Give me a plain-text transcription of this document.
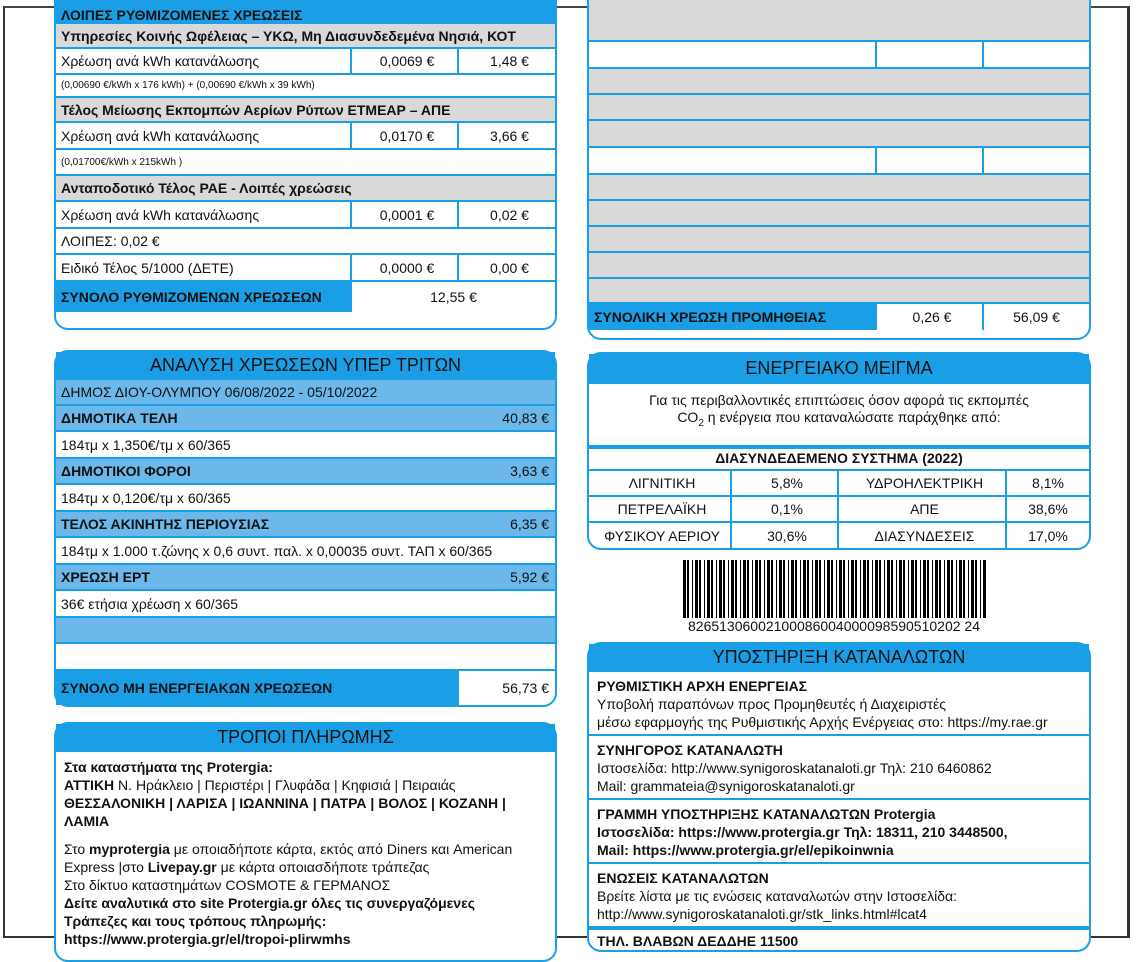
ΛΟΙΠΕΣ ΡΥΘΜΙΖΟΜΕΝΕΣ ΧΡΕΩΣΕΙΣ
Υπηρεσίες Κοινής Ωφέλειας – ΥΚΩ, Μη Διασυνδεδεμένα Νησιά, ΚΟΤ
Χρέωση ανά kWh κατανάλωσης	0,0069 €	1,48 €
(0,00690 €/kWh x 176 kWh) + (0,00690 €/kWh x 39 kWh)
Τέλος Μείωσης Εκπομπών Αερίων Ρύπων ΕΤΜΕΑΡ – ΑΠΕ
Χρέωση ανά kWh κατανάλωσης	0,0170 €	3,66 €
(0,01700€/kWh x 215kWh )
Ανταποδοτικό Τέλος ΡΑΕ - Λοιπές χρεώσεις
Χρέωση ανά kWh κατανάλωσης	0,0001 €	0,02 €
ΛΟΙΠΕΣ: 0,02 €
Ειδικό Τέλος 5/1000 (ΔΕΤΕ)	0,0000 €	0,00 €
ΣΥΝΟΛΟ ΡΥΘΜΙΖΟΜΕΝΩΝ ΧΡΕΩΣΕΩΝ	12,55 €
ΣΥΝΟΛΙΚΗ ΧΡΕΩΣΗ ΠΡΟΜΗΘΕΙΑΣ	0,26 €	56,09 €
ΑΝΑΛΥΣΗ ΧΡΕΩΣΕΩΝ ΥΠΕΡ ΤΡΙΤΩΝ
ΔΗΜΟΣ ΔΙΟΥ-ΟΛΥΜΠΟΥ 06/08/2022 - 05/10/2022
ΔΗΜΟΤΙΚΑ ΤΕΛΗ	40,83 €
184τμ x 1,350€/τμ x 60/365
ΔΗΜΟΤΙΚΟΙ ΦΟΡΟΙ	3,63 €
184τμ x 0,120€/τμ x 60/365
ΤΕΛΟΣ ΑΚΙΝΗΤΗΣ ΠΕΡΙΟΥΣΙΑΣ	6,35 €
184τμ x 1.000 τ.ζώνης x 0,6 συντ. παλ. x 0,00035 συντ. ΤΑΠ x 60/365
ΧΡΕΩΣΗ ΕΡΤ	5,92 €
36€ ετήσια χρέωση x 60/365
ΣΥΝΟΛΟ ΜΗ ΕΝΕΡΓΕΙΑΚΩΝ ΧΡΕΩΣΕΩΝ	56,73 €
ΤΡΟΠΟΙ ΠΛΗΡΩΜΗΣ
Στα καταστήματα της Protergia:
ΑΤΤΙΚΗ Ν. Ηράκλειο | Περιστέρι | Γλυφάδα | Κηφισιά | Πειραιάς
ΘΕΣΣΑΛΟΝΙΚΗ | ΛΑΡΙΣΑ | ΙΩΑΝΝΙΝΑ | ΠΑΤΡΑ | ΒΟΛΟΣ | ΚΟΖΑΝΗ |
ΛΑΜΙΑ
Στο myprotergia με οποιαδήποτε κάρτα, εκτός από Diners και American
Express |στο Livepay.gr με κάρτα οποιασδήποτε τράπεζας
Στο δίκτυο καταστημάτων COSMOTE & ΓΕΡΜΑΝΟΣ
Δείτε αναλυτικά στο site Protergia.gr όλες τις συνεργαζόμενες
Τράπεζες και τους τρόπους πληρωμής:
https://www.protergia.gr/el/tropoi-plirwmhs
ΕΝΕΡΓΕΙΑΚΟ ΜΕΙΓΜΑ
Για τις περιβαλλοντικές επιπτώσεις όσον αφορά τις εκπομπές
$CO_2$ η ενέργεια που καταναλώσατε παράχθηκε από:
ΔΙΑΣΥΝΔΕΔΕΜΕΝΟ ΣΥΣΤΗΜΑ (2022)
ΛΙΓΝΙΤΙΚΗ	5,8%	ΥΔΡΟΗΛΕΚΤΡΙΚΗ	8,1%
ΠΕΤΡΕΛΑΪΚΗ	0,1%	ΑΠΕ	38,6%
ΦΥΣΙΚΟΥ ΑΕΡΙΟΥ	30,6%	ΔΙΑΣΥΝΔΕΣΕΙΣ	17,0%
82651306002100086004000098590510202 24
ΥΠΟΣΤΗΡΙΞΗ ΚΑΤΑΝΑΛΩΤΩΝ
ΡΥΘΜΙΣΤΙΚΗ ΑΡΧΗ ΕΝΕΡΓΕΙΑΣ
Υποβολή παραπόνων προς Προμηθευτές ή Διαχειριστές
μέσω εφαρμογής της Ρυθμιστικής Αρχής Ενέργειας στο: https://my.rae.gr
ΣΥΝΗΓΟΡΟΣ ΚΑΤΑΝΑΛΩΤΗ
Ιστοσελίδα: http://www.synigoroskatanaloti.gr Τηλ: 210 6460862
Mail: grammateia@synigoroskatanaloti.gr
ΓΡΑΜΜΗ ΥΠΟΣΤΗΡΙΞΗΣ ΚΑΤΑΝΑΛΩΤΩΝ Protergia
Ιστοσελίδα: https://www.protergia.gr Τηλ: 18311, 210 3448500,
Mail: https://www.protergia.gr/el/epikoinwnia
ΕΝΩΣΕΙΣ ΚΑΤΑΝΑΛΩΤΩΝ
Βρείτε λίστα με τις ενώσεις καταναλωτών στην Ιστοσελίδα:
http://www.synigoroskatanaloti.gr/stk_links.html#lcat4
ΤΗΛ. ΒΛΑΒΩΝ ΔΕΔΔΗΕ 11500
